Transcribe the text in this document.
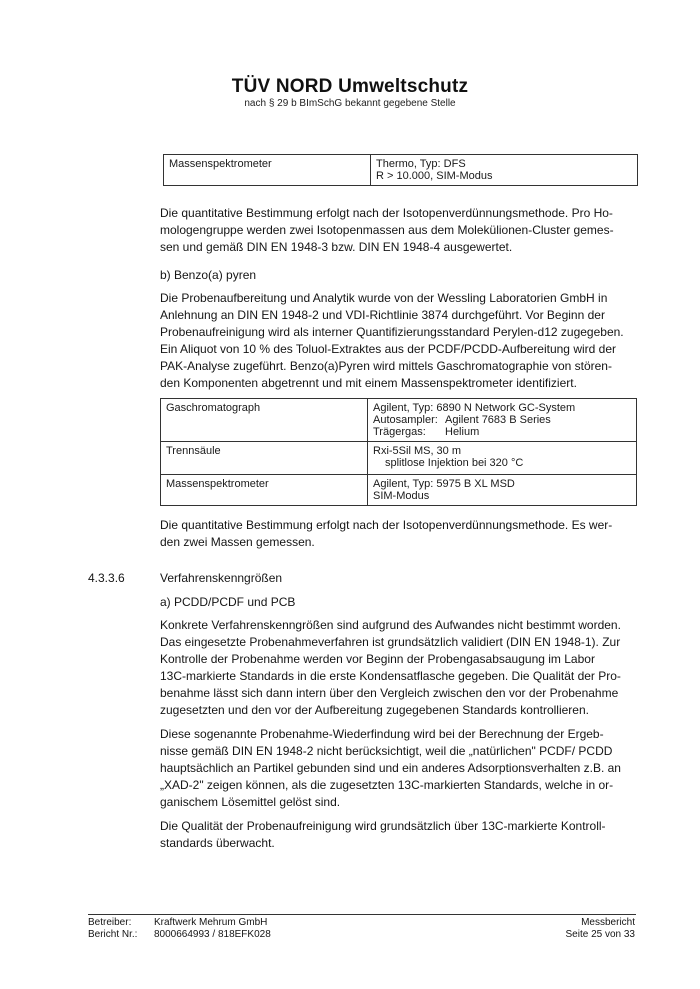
TÜV NORD Umweltschutz
nach § 29 b BImSchG bekannt gegebene Stelle
Massenspektrometer	Thermo, Typ: DFS
R > 10.000, SIM-Modus
Die quantitative Bestimmung erfolgt nach der Isotopenverdünnungsmethode. Pro Ho-
mologengruppe werden zwei Isotopenmassen aus dem Molekülionen-Cluster gemes-
sen und gemäß DIN EN 1948-3 bzw. DIN EN 1948-4 ausgewertet.
b) Benzo(a) pyren
Die Probenaufbereitung und Analytik wurde von der Wessling Laboratorien GmbH in
Anlehnung an DIN EN 1948-2 und VDI-Richtlinie 3874 durchgeführt. Vor Beginn der
Probenaufreinigung wird als interner Quantifizierungsstandard Perylen-d12 zugegeben.
Ein Aliquot von 10 % des Toluol-Extraktes aus der PCDF/PCDD-Aufbereitung wird der
PAK-Analyse zugeführt. Benzo(a)Pyren wird mittels Gaschromatographie von stören-
den Komponenten abgetrennt und mit einem Massenspektrometer identifiziert.
Gaschromatograph	Agilent, Typ: 6890 N Network GC-System
Autosampler: Agilent 7683 B Series
Trägergas: Helium

Trennsäule	Rxi-5Sil MS, 30 m
splitlose Injektion bei 320 °C

Massenspektrometer	Agilent, Typ: 5975 B XL MSD
SIM-Modus
Die quantitative Bestimmung erfolgt nach der Isotopenverdünnungsmethode. Es wer-
den zwei Massen gemessen.
4.3.3.6	Verfahrenskenngrößen
a) PCDD/PCDF und PCB
Konkrete Verfahrenskenngrößen sind aufgrund des Aufwandes nicht bestimmt worden.
Das eingesetzte Probenahmeverfahren ist grundsätzlich validiert (DIN EN 1948-1). Zur
Kontrolle der Probenahme werden vor Beginn der Probengasabsaugung im Labor
13C-markierte Standards in die erste Kondensatflasche gegeben. Die Qualität der Pro-
benahme lässt sich dann intern über den Vergleich zwischen den vor der Probenahme
zugesetzten und den vor der Aufbereitung zugegebenen Standards kontrollieren.
Diese sogenannte Probenahme-Wiederfindung wird bei der Berechnung der Ergeb-
nisse gemäß DIN EN 1948-2 nicht berücksichtigt, weil die „natürlichen" PCDF/ PCDD
hauptsächlich an Partikel gebunden sind und ein anderes Adsorptionsverhalten z.B. an
„XAD-2" zeigen können, als die zugesetzten 13C-markierten Standards, welche in or-
ganischem Lösemittel gelöst sind.
Die Qualität der Probenaufreinigung wird grundsätzlich über 13C-markierte Kontroll-
standards überwacht.
Betreiber: Kraftwerk Mehrum GmbH
Bericht Nr.: 8000664993 / 818EFK028
Messbericht
Seite 25 von 33
